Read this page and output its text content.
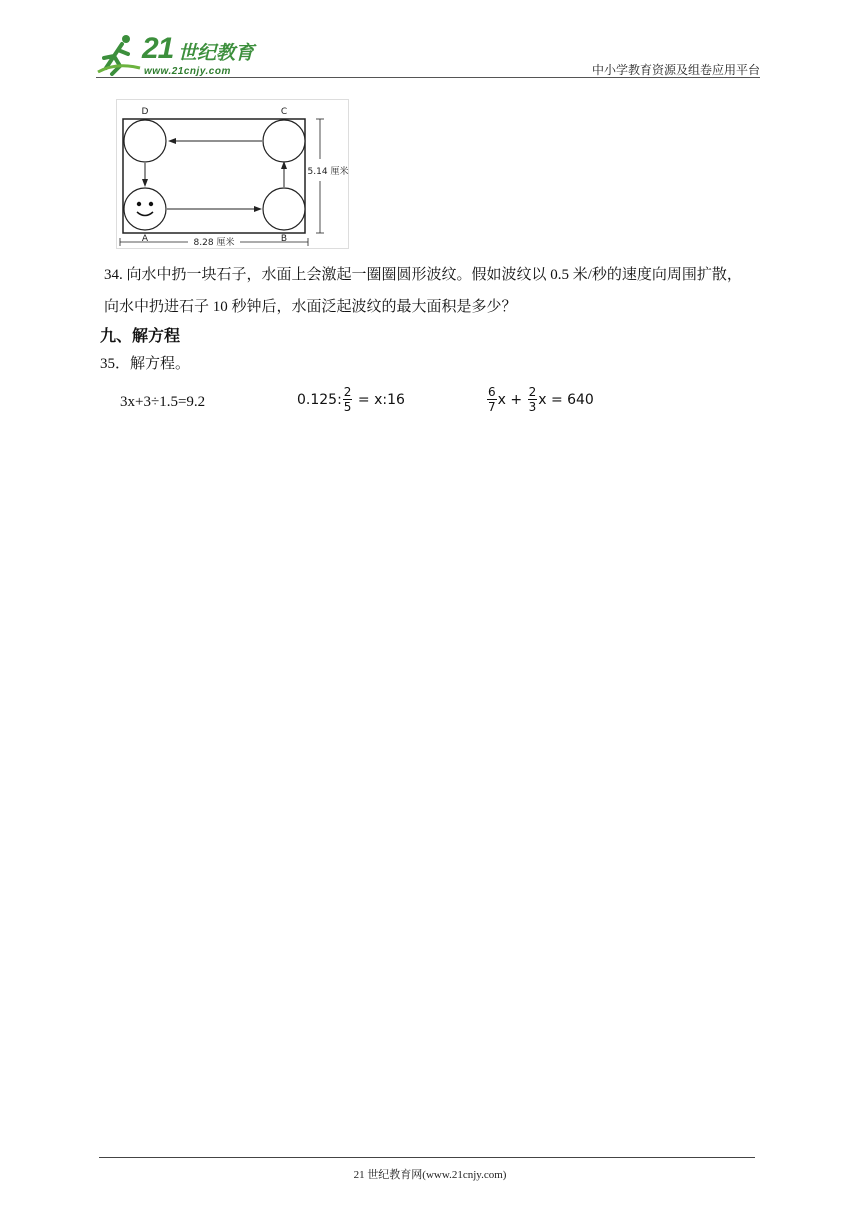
21 世纪教育
www.21cnjy.com	中小学教育资源及组卷应用平台
D	C
A	B
8.28 厘米
5.14 厘米

34. 向水中扔一块石子，水面上会激起一圈圈圆形波纹。假如波纹以 0.5 米/秒的速度向周围扩散，

向水中扔进石子 10 秒钟后，水面泛起波纹的最大面积是多少？

九、解方程
35．解方程。
3x+3÷1.5=9.2	0.125: $\frac{2}{5}$ = x:16	$\frac{6}{7}$ $x + \frac{2}{3}$ x = 640
21 世纪教育网(www.21cnjy.com)
